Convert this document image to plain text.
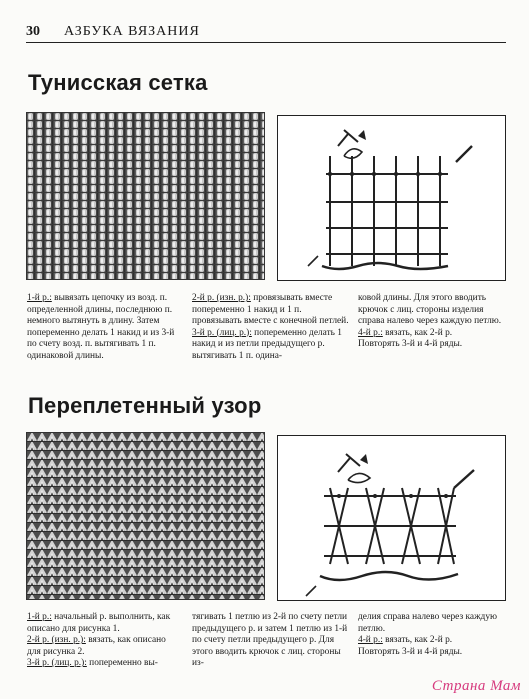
30 АЗБУКА ВЯЗАНИЯ
Тунисская сетка

1-й р.: вывязать цепочку из возд. п. определенной длины, последнюю п. немного вытянуть в длину. Затем попеременно делать 1 накид и из 3-й по счету возд. п. вытягивать 1 п. одинаковой длины.

2-й р. (изн. р.): провязывать вместе попеременно 1 накид и 1 п. провязывать вместе с конечной петлей.

3-й р. (лиц. р.): попеременно делать 1 накид и из петли предыдущего р. вытягивать 1 п. одина-

ковой длины. Для этого вводить крючок с лиц. стороны изделия справа налево через каждую петлю.

4-й р.: вязать, как 2-й р.

Повторять 3-й и 4-й ряды.

Переплетенный узор

1-й р.: начальный р. выполнить, как описано для рисунка 1.

2-й р. (изн. р.): вязать, как описано для рисунка 2.

3-й р. (лиц. р.): попеременно вы-

тягивать 1 петлю из 2-й по счету петли предыдущего р. и затем 1 петлю из 1-й по счету петли предыдущего р. Для этого вводить крючок с лиц. стороны из-

делия справа налево через каждую петлю.

4-й р.: вязать, как 2-й р.

Повторять 3-й и 4-й ряды.

Страна Мам
